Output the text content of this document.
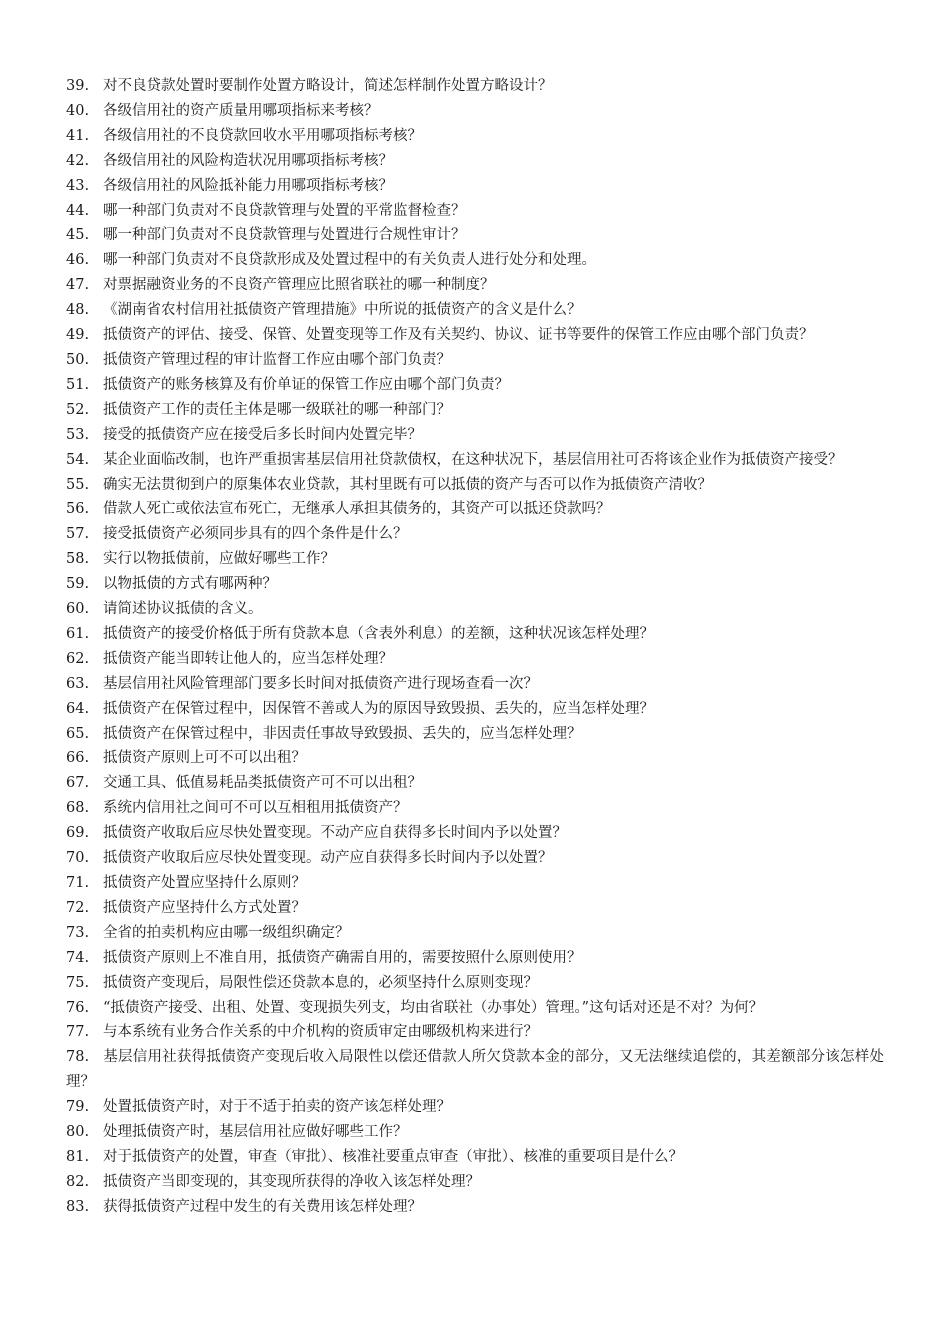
39. 对不良贷款处置时要制作处置方略设计，简述怎样制作处置方略设计？

40. 各级信用社的资产质量用哪项指标来考核？

41. 各级信用社的不良贷款回收水平用哪项指标考核？

42. 各级信用社的风险构造状况用哪项指标考核？

43. 各级信用社的风险抵补能力用哪项指标考核？

44. 哪一种部门负责对不良贷款管理与处置的平常监督检查？

45. 哪一种部门负责对不良贷款管理与处置进行合规性审计？

46. 哪一种部门负责对不良贷款形成及处置过程中的有关负责人进行处分和处理。

47. 对票据融资业务的不良资产管理应比照省联社的哪一种制度？

48. 《湖南省农村信用社抵债资产管理措施》中所说的抵债资产的含义是什么？

49. 抵债资产的评估、接受、保管、处置变现等工作及有关契约、协议、证书等要件的保管工作应由哪个部门负责？

50. 抵债资产管理过程的审计监督工作应由哪个部门负责？

51. 抵债资产的账务核算及有价单证的保管工作应由哪个部门负责？

52. 抵债资产工作的责任主体是哪一级联社的哪一种部门？

53. 接受的抵债资产应在接受后多长时间内处置完毕？

54. 某企业面临改制，也许严重损害基层信用社贷款债权，在这种状况下，基层信用社可否将该企业作为抵债资产接受？

55. 确实无法贯彻到户的原集体农业贷款，其村里既有可以抵债的资产与否可以作为抵债资产清收？

56. 借款人死亡或依法宣布死亡，无继承人承担其债务的，其资产可以抵还贷款吗？

57. 接受抵债资产必须同步具有的四个条件是什么？

58. 实行以物抵债前，应做好哪些工作？

59. 以物抵债的方式有哪两种？

60. 请简述协议抵债的含义。

61. 抵债资产的接受价格低于所有贷款本息（含表外利息）的差额，这种状况该怎样处理？

62. 抵债资产能当即转让他人的，应当怎样处理？

63. 基层信用社风险管理部门要多长时间对抵债资产进行现场查看一次？

64. 抵债资产在保管过程中，因保管不善或人为的原因导致毁损、丢失的，应当怎样处理？

65. 抵债资产在保管过程中，非因责任事故导致毁损、丢失的，应当怎样处理？

66. 抵债资产原则上可不可以出租？

67. 交通工具、低值易耗品类抵债资产可不可以出租？

68. 系统内信用社之间可不可以互相租用抵债资产？

69. 抵债资产收取后应尽快处置变现。不动产应自获得多长时间内予以处置？

70. 抵债资产收取后应尽快处置变现。动产应自获得多长时间内予以处置？

71. 抵债资产处置应坚持什么原则？

72. 抵债资产应坚持什么方式处置？

73. 全省的拍卖机构应由哪一级组织确定？

74. 抵债资产原则上不准自用，抵债资产确需自用的，需要按照什么原则使用？

75. 抵债资产变现后，局限性偿还贷款本息的，必须坚持什么原则变现？

76. “抵债资产接受、出租、处置、变现损失列支，均由省联社（办事处）管理。”这句话对还是不对？为何？

77. 与本系统有业务合作关系的中介机构的资质审定由哪级机构来进行？

78. 基层信用社获得抵债资产变现后收入局限性以偿还借款人所欠贷款本金的部分，又无法继续追偿的，其差额部分该怎样处理？

79. 处置抵债资产时，对于不适于拍卖的资产该怎样处理？

80. 处理抵债资产时，基层信用社应做好哪些工作？

81. 对于抵债资产的处置，审查（审批）、核准社要重点审查（审批）、核准的重要项目是什么？

82. 抵债资产当即变现的，其变现所获得的净收入该怎样处理？

83. 获得抵债资产过程中发生的有关费用该怎样处理？
